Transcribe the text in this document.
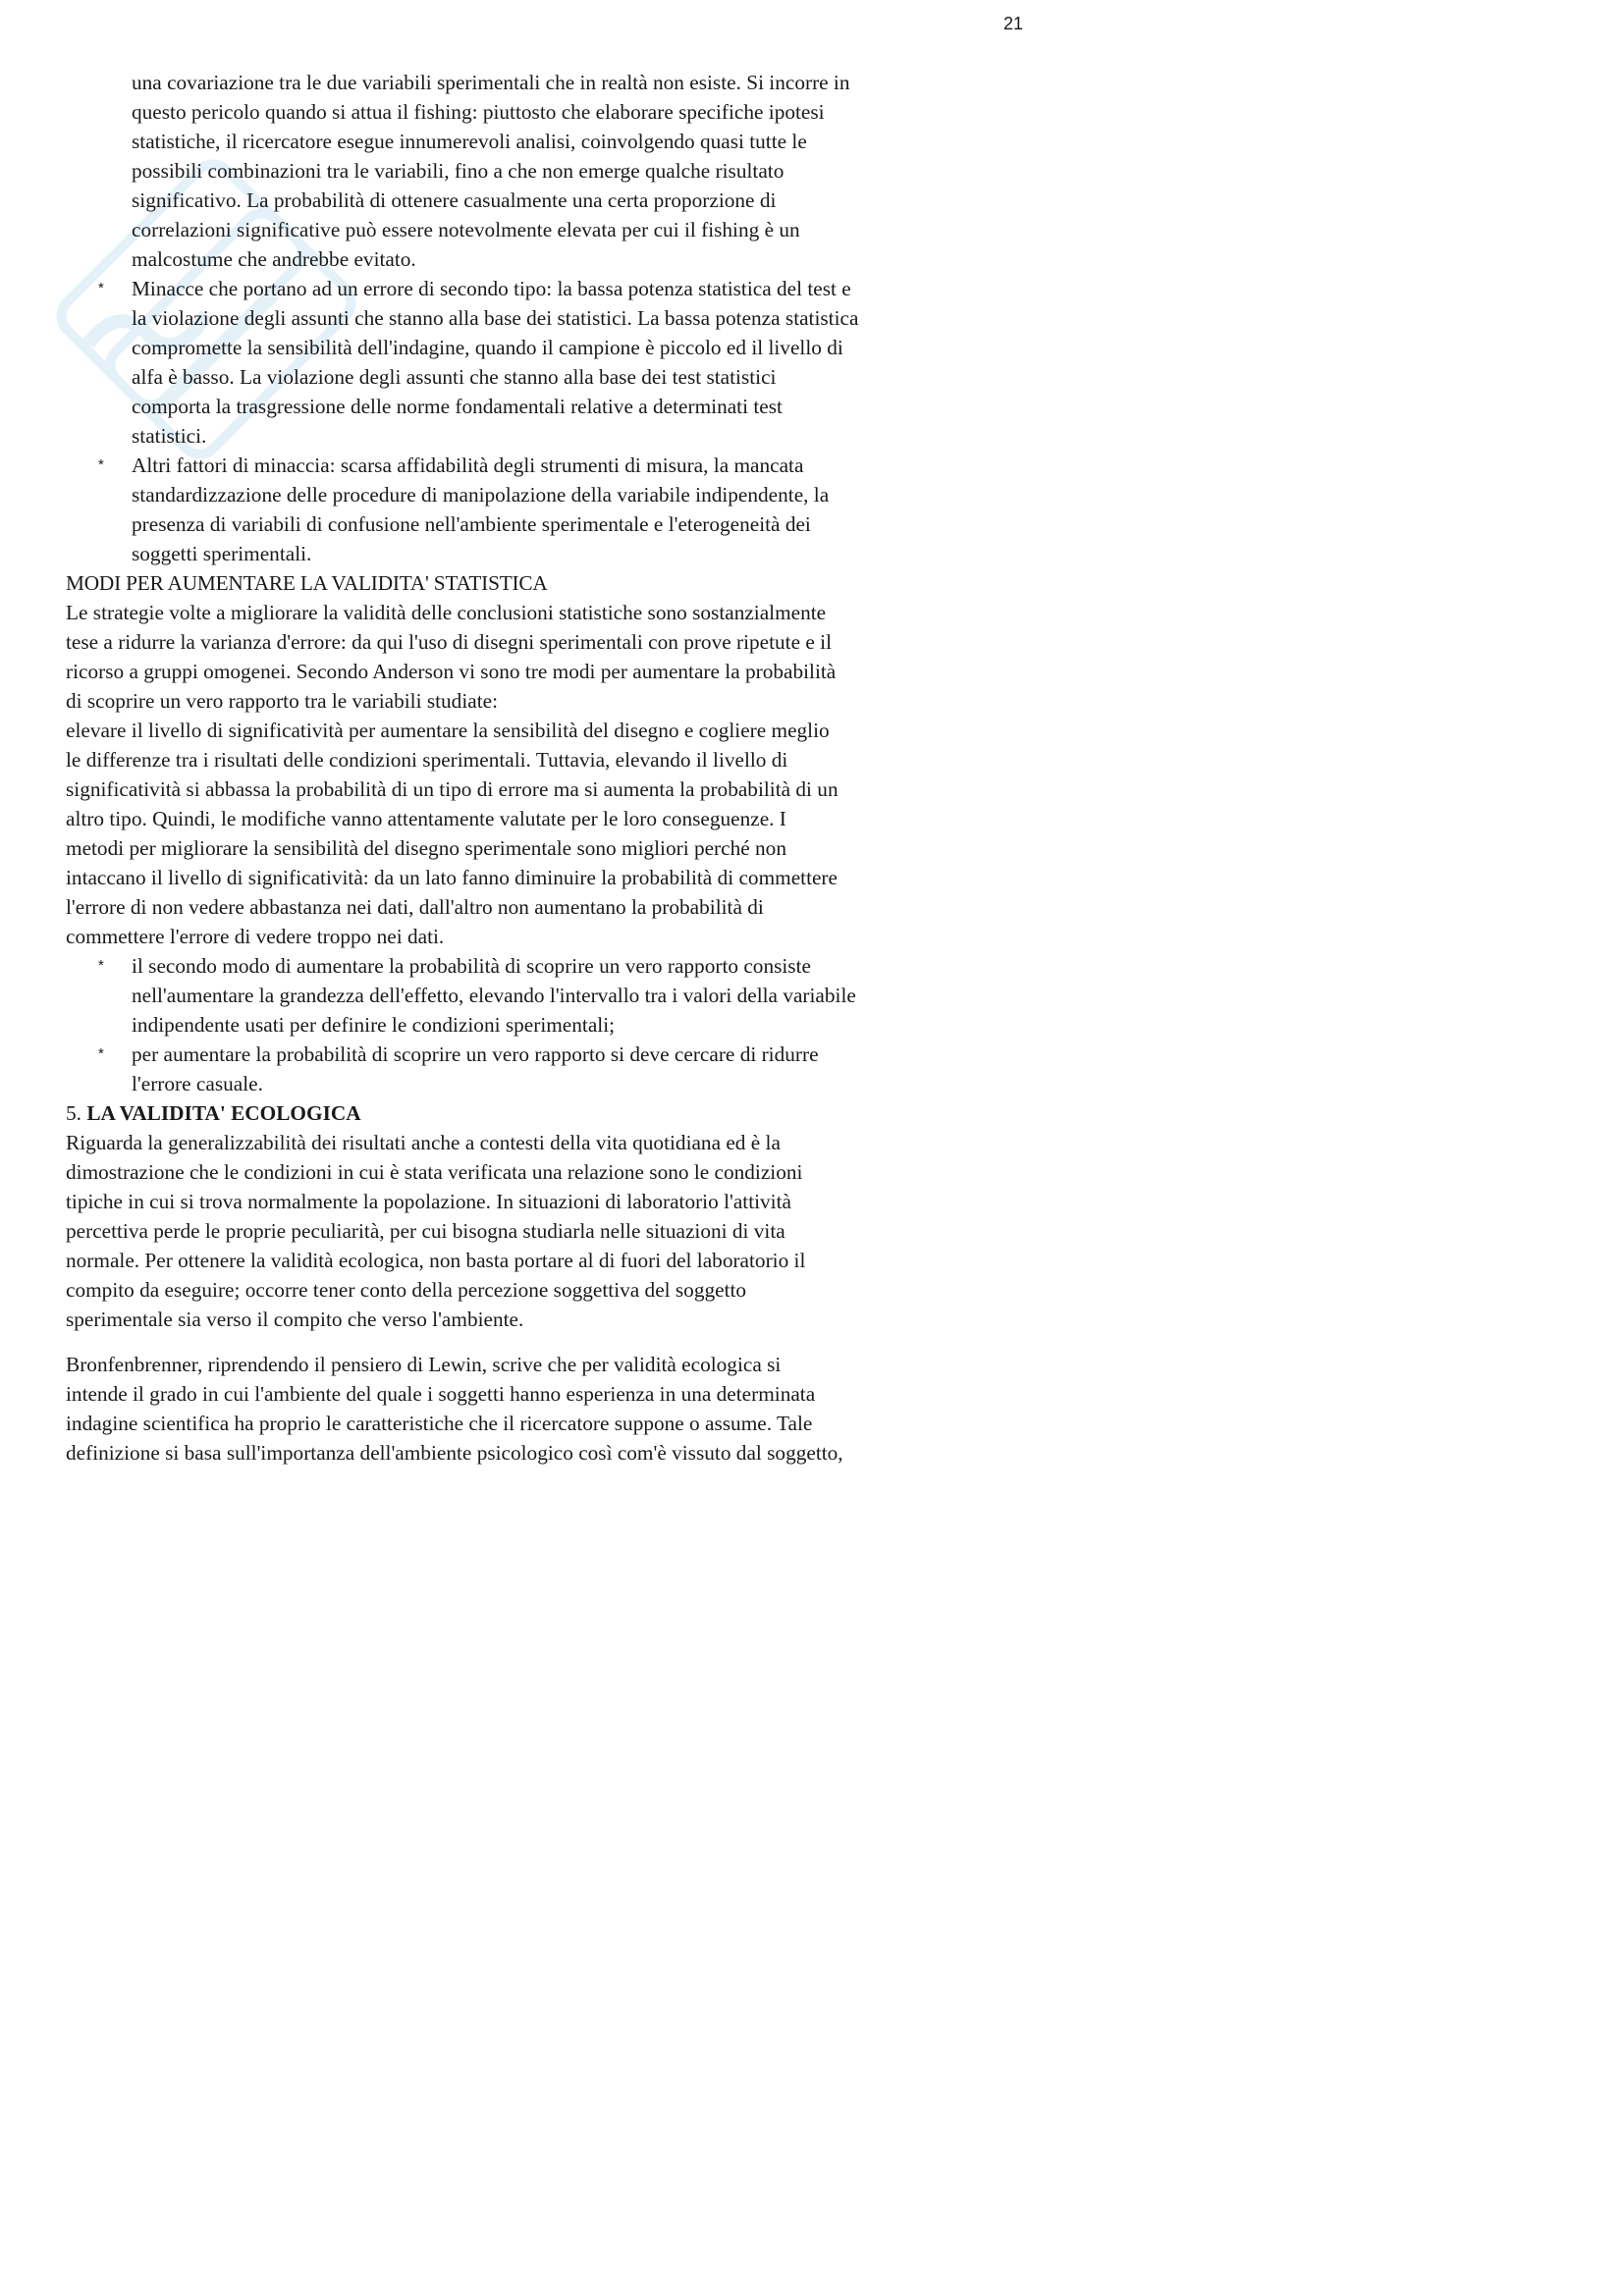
21
una covariazione tra le due variabili sperimentali che in realtà non esiste. Si incorre in
questo pericolo quando si attua il fishing: piuttosto che elaborare specifiche ipotesi
statistiche, il ricercatore esegue innumerevoli analisi, coinvolgendo quasi tutte le
possibili combinazioni tra le variabili, fino a che non emerge qualche risultato
significativo. La probabilità di ottenere casualmente una certa proporzione di
correlazioni significative può essere notevolmente elevata per cui il fishing è un
malcostume che andrebbe evitato.
* Minacce che portano ad un errore di secondo tipo: la bassa potenza statistica del test e
la violazione degli assunti che stanno alla base dei statistici. La bassa potenza statistica
compromette la sensibilità dell'indagine, quando il campione è piccolo ed il livello di
alfa è basso. La violazione degli assunti che stanno alla base dei test statistici
comporta la trasgressione delle norme fondamentali relative a determinati test
statistici.
* Altri fattori di minaccia: scarsa affidabilità degli strumenti di misura, la mancata
standardizzazione delle procedure di manipolazione della variabile indipendente, la
presenza di variabili di confusione nell'ambiente sperimentale e l'eterogeneità dei
soggetti sperimentali.
MODI PER AUMENTARE LA VALIDITA' STATISTICA
Le strategie volte a migliorare la validità delle conclusioni statistiche sono sostanzialmente
tese a ridurre la varianza d'errore: da qui l'uso di disegni sperimentali con prove ripetute e il
ricorso a gruppi omogenei. Secondo Anderson vi sono tre modi per aumentare la probabilità
di scoprire un vero rapporto tra le variabili studiate:
elevare il livello di significatività per aumentare la sensibilità del disegno e cogliere meglio
le differenze tra i risultati delle condizioni sperimentali. Tuttavia, elevando il livello di
significatività si abbassa la probabilità di un tipo di errore ma si aumenta la probabilità di un
altro tipo. Quindi, le modifiche vanno attentamente valutate per le loro conseguenze. I
metodi per migliorare la sensibilità del disegno sperimentale sono migliori perché non
intaccano il livello di significatività: da un lato fanno diminuire la probabilità di commettere
l'errore di non vedere abbastanza nei dati, dall'altro non aumentano la probabilità di
commettere l'errore di vedere troppo nei dati.
* il secondo modo di aumentare la probabilità di scoprire un vero rapporto consiste
nell'aumentare la grandezza dell'effetto, elevando l'intervallo tra i valori della variabile
indipendente usati per definire le condizioni sperimentali;
* per aumentare la probabilità di scoprire un vero rapporto si deve cercare di ridurre
l'errore casuale.
5. LA VALIDITA' ECOLOGICA
Riguarda la generalizzabilità dei risultati anche a contesti della vita quotidiana ed è la
dimostrazione che le condizioni in cui è stata verificata una relazione sono le condizioni
tipiche in cui si trova normalmente la popolazione. In situazioni di laboratorio l'attività
percettiva perde le proprie peculiarità, per cui bisogna studiarla nelle situazioni di vita
normale. Per ottenere la validità ecologica, non basta portare al di fuori del laboratorio il
compito da eseguire; occorre tener conto della percezione soggettiva del soggetto
sperimentale sia verso il compito che verso l'ambiente.
Bronfenbrenner, riprendendo il pensiero di Lewin, scrive che per validità ecologica si
intende il grado in cui l'ambiente del quale i soggetti hanno esperienza in una determinata
indagine scientifica ha proprio le caratteristiche che il ricercatore suppone o assume. Tale
definizione si basa sull'importanza dell'ambiente psicologico così com'è vissuto dal soggetto,
